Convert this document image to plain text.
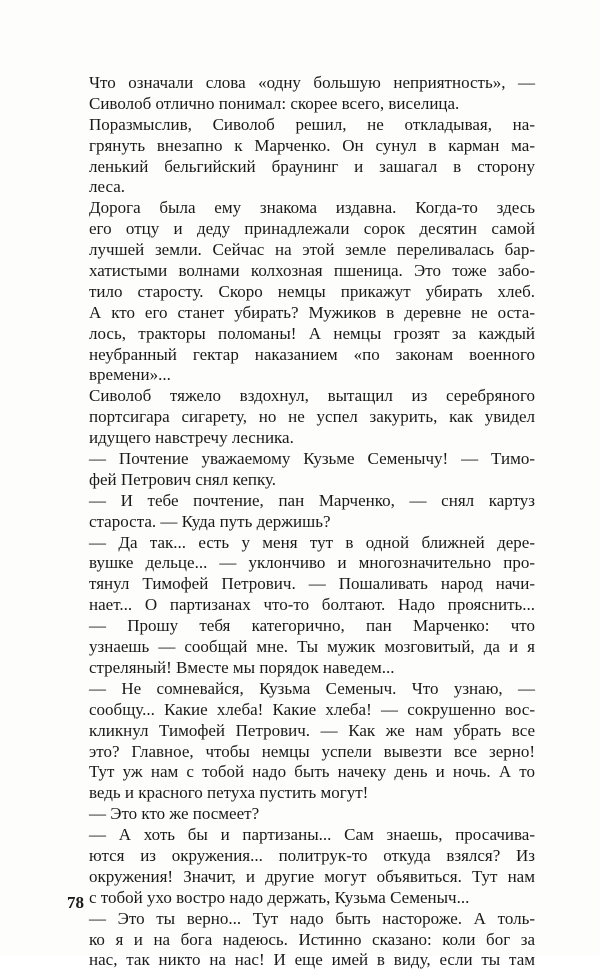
Что означали слова «одну большую неприятность», —
Сиволоб отлично понимал: скорее всего, виселица.
Поразмыслив, Сиволоб решил, не откладывая, на-
грянуть внезапно к Марченко. Он сунул в карман ма-
ленький бельгийский браунинг и зашагал в сторону
леса.
Дорога была ему знакома издавна. Когда-то здесь
его отцу и деду принадлежали сорок десятин самой
лучшей земли. Сейчас на этой земле переливалась бар-
хатистыми волнами колхозная пшеница. Это тоже забо-
тило старосту. Скоро немцы прикажут убирать хлеб.
А кто его станет убирать? Мужиков в деревне не оста-
лось, тракторы поломаны! А немцы грозят за каждый
неубранный гектар наказанием «по законам военного
времени»...
Сиволоб тяжело вздохнул, вытащил из серебряного
портсигара сигарету, но не успел закурить, как увидел
идущего навстречу лесника.
— Почтение уважаемому Кузьме Семенычу! — Тимо-
фей Петрович снял кепку.
— И тебе почтение, пан Марченко, — снял картуз
староста. — Куда путь держишь?
— Да так... есть у меня тут в одной ближней дере-
вушке дельце... — уклончиво и многозначительно про-
тянул Тимофей Петрович. — Пошаливать народ начи-
нает... О партизанах что-то болтают. Надо прояснить...
— Прошу тебя категорично, пан Марченко: что
узнаешь — сообщай мне. Ты мужик мозговитый, да и я
стреляный! Вместе мы порядок наведем...
— Не сомневайся, Кузьма Семеныч. Что узнаю, —
сообщу... Какие хлеба! Какие хлеба! — сокрушенно вос-
кликнул Тимофей Петрович. — Как же нам убрать все
это? Главное, чтобы немцы успели вывезти все зерно!
Тут уж нам с тобой надо быть начеку день и ночь. А то
ведь и красного петуха пустить могут!
— Это кто же посмеет?
— А хоть бы и партизаны... Сам знаешь, просачива-
ются из окружения... политрук-то откуда взялся? Из
окружения! Значит, и другие могут объявиться. Тут нам
с тобой ухо востро надо держать, Кузьма Семеныч...
— Это ты верно... Тут надо быть настороже. А толь-
ко я и на бога надеюсь. Истинно сказано: коли бог за
нас, так никто на нас! И еще имей в виду, если ты там
78
